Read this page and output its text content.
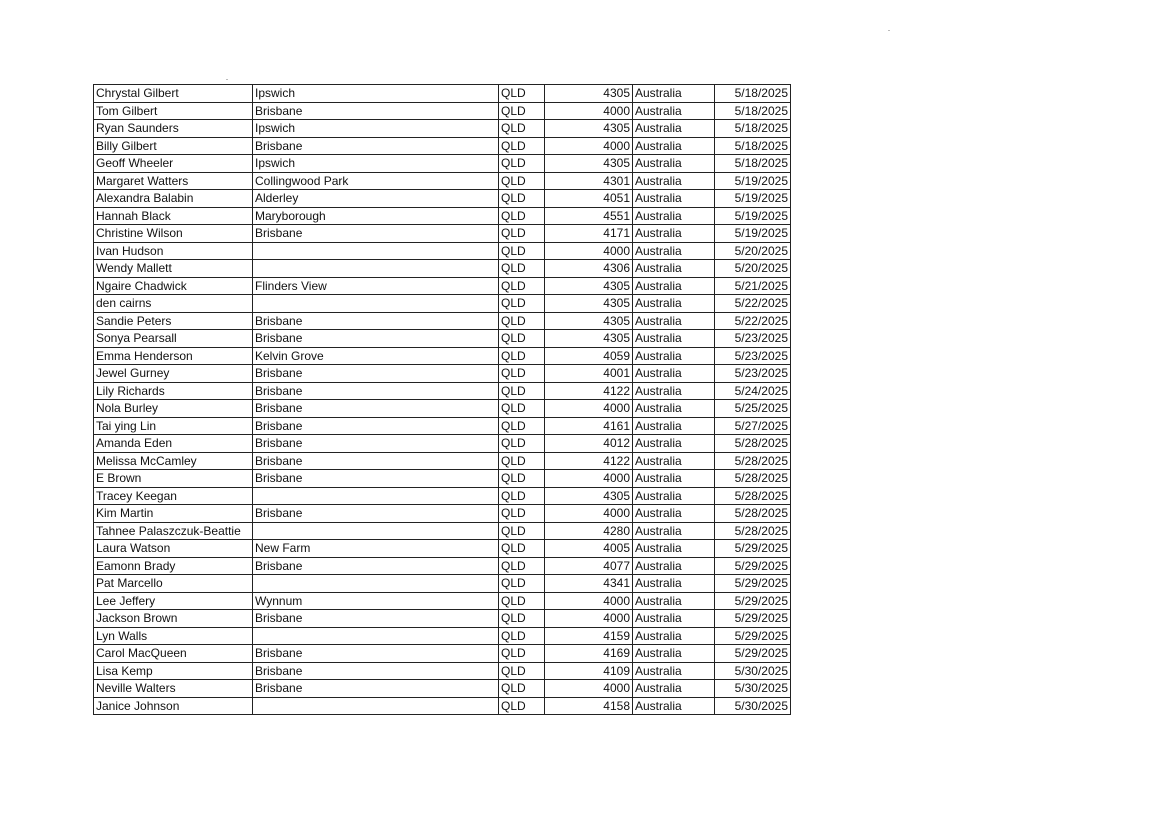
Chrystal Gilbert	Ipswich	QLD	4305	Australia	5/18/2025
Tom Gilbert	Brisbane	QLD	4000	Australia	5/18/2025
Ryan Saunders	Ipswich	QLD	4305	Australia	5/18/2025
Billy Gilbert	Brisbane	QLD	4000	Australia	5/18/2025
Geoff Wheeler	Ipswich	QLD	4305	Australia	5/18/2025
Margaret Watters	Collingwood Park	QLD	4301	Australia	5/19/2025
Alexandra Balabin	Alderley	QLD	4051	Australia	5/19/2025
Hannah Black	Maryborough	QLD	4551	Australia	5/19/2025
Christine Wilson	Brisbane	QLD	4171	Australia	5/19/2025
Ivan Hudson		QLD	4000	Australia	5/20/2025
Wendy Mallett		QLD	4306	Australia	5/20/2025
Ngaire Chadwick	Flinders View	QLD	4305	Australia	5/21/2025
den cairns		QLD	4305	Australia	5/22/2025
Sandie Peters	Brisbane	QLD	4305	Australia	5/22/2025
Sonya Pearsall	Brisbane	QLD	4305	Australia	5/23/2025
Emma Henderson	Kelvin Grove	QLD	4059	Australia	5/23/2025
Jewel Gurney	Brisbane	QLD	4001	Australia	5/23/2025
Lily Richards	Brisbane	QLD	4122	Australia	5/24/2025
Nola Burley	Brisbane	QLD	4000	Australia	5/25/2025
Tai ying Lin	Brisbane	QLD	4161	Australia	5/27/2025
Amanda Eden	Brisbane	QLD	4012	Australia	5/28/2025
Melissa McCamley	Brisbane	QLD	4122	Australia	5/28/2025
E Brown	Brisbane	QLD	4000	Australia	5/28/2025
Tracey Keegan		QLD	4305	Australia	5/28/2025
Kim Martin	Brisbane	QLD	4000	Australia	5/28/2025
Tahnee Palaszczuk-Beattie		QLD	4280	Australia	5/28/2025
Laura Watson	New Farm	QLD	4005	Australia	5/29/2025
Eamonn Brady	Brisbane	QLD	4077	Australia	5/29/2025
Pat Marcello		QLD	4341	Australia	5/29/2025
Lee Jeffery	Wynnum	QLD	4000	Australia	5/29/2025
Jackson Brown	Brisbane	QLD	4000	Australia	5/29/2025
Lyn Walls		QLD	4159	Australia	5/29/2025
Carol MacQueen	Brisbane	QLD	4169	Australia	5/29/2025
Lisa Kemp	Brisbane	QLD	4109	Australia	5/30/2025
Neville Walters	Brisbane	QLD	4000	Australia	5/30/2025
Janice Johnson		QLD	4158	Australia	5/30/2025
